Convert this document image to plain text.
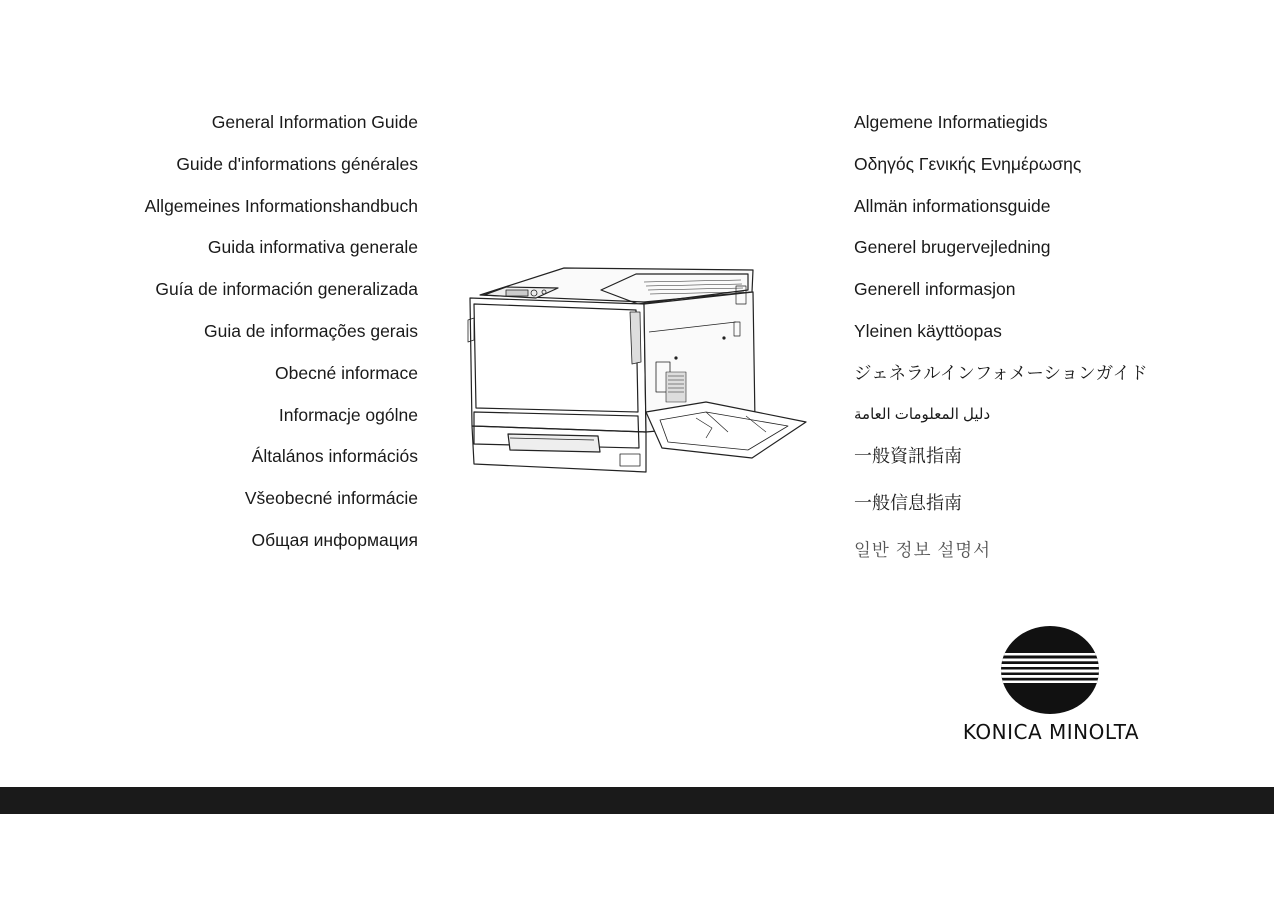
General Information Guide
Guide d'informations générales
Allgemeines Informationshandbuch
Guida informativa generale
Guía de información generalizada
Guia de informações gerais
Obecné informace
Informacje ogólne
Általános információs
Všeobecné informácie
Общая информация
Algemene Informatiegids
Οδηγός Γενικής Ενημέρωσης
Allmän informationsguide
Generel brugervejledning
Generell informasjon
Yleinen käyttöopas
ジェネラルインフォメーションガイド
دليل المعلومات العامة
一般資訊指南
一般信息指南
일반 정보 설명서
KONICA MINOLTA
